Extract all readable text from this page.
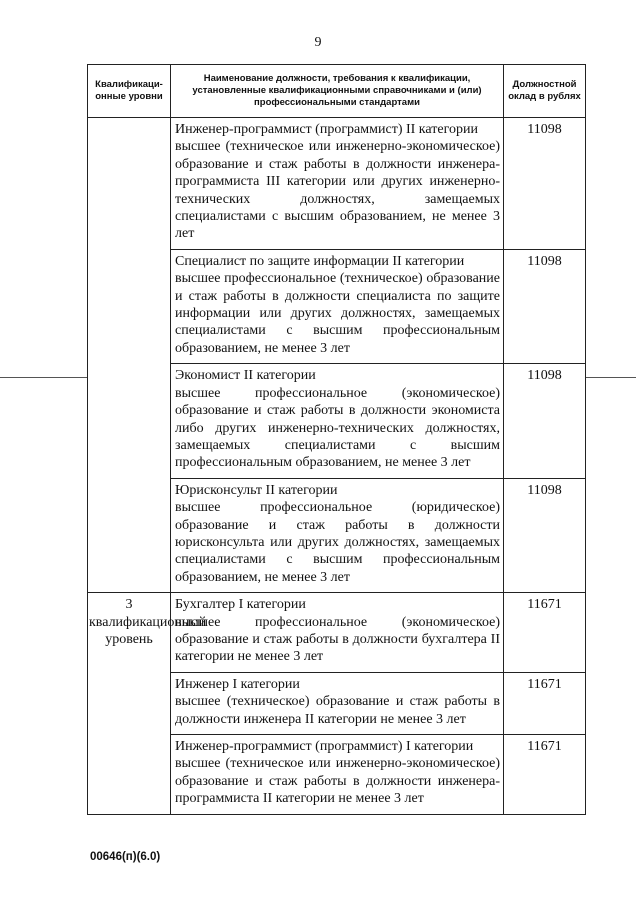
9
Квалификаци-онные уровни	Наименование должности, требования к квалификации, установленные квалификационными справочниками и (или) профессиональными стандартами	Должностной оклад в рублях

	Инженер-программист (программист) II категории
высшее (техническое или инженерно-экономическое) образование и стаж работы в должности инженера-программиста III категории или других инженерно-технических должностях, замещаемых специалистами с высшим образованием, не менее 3 лет	11098

	Специалист по защите информации II категории
высшее профессиональное (техническое) образование и стаж работы в должности специалиста по защите информации или других должностях, замещаемых специалистами с высшим профессиональным образованием, не менее 3 лет	11098

	Экономист II категории
высшее профессиональное (экономическое) образование и стаж работы в должности экономиста либо других инженерно-технических должностях, замещаемых специалистами с высшим профессиональным образованием, не менее 3 лет	11098

	Юрисконсульт II категории
высшее профессиональное (юридическое) образование и стаж работы в должности юрисконсульта или других должностях, замещаемых специалистами с высшим профессиональным образованием, не менее 3 лет	11098
3 квалификационный уровень	Бухгалтер I категории
высшее профессиональное (экономическое) образование и стаж работы в должности бухгалтера II категории не менее 3 лет	11671

	Инженер I категории
высшее (техническое) образование и стаж работы в должности инженера II категории не менее 3 лет	11671

	Инженер-программист (программист) I категории
высшее (техническое или инженерно-экономическое) образование и стаж работы в должности инженера-программиста II категории не менее 3 лет	11671
00646(п)(6.0)
